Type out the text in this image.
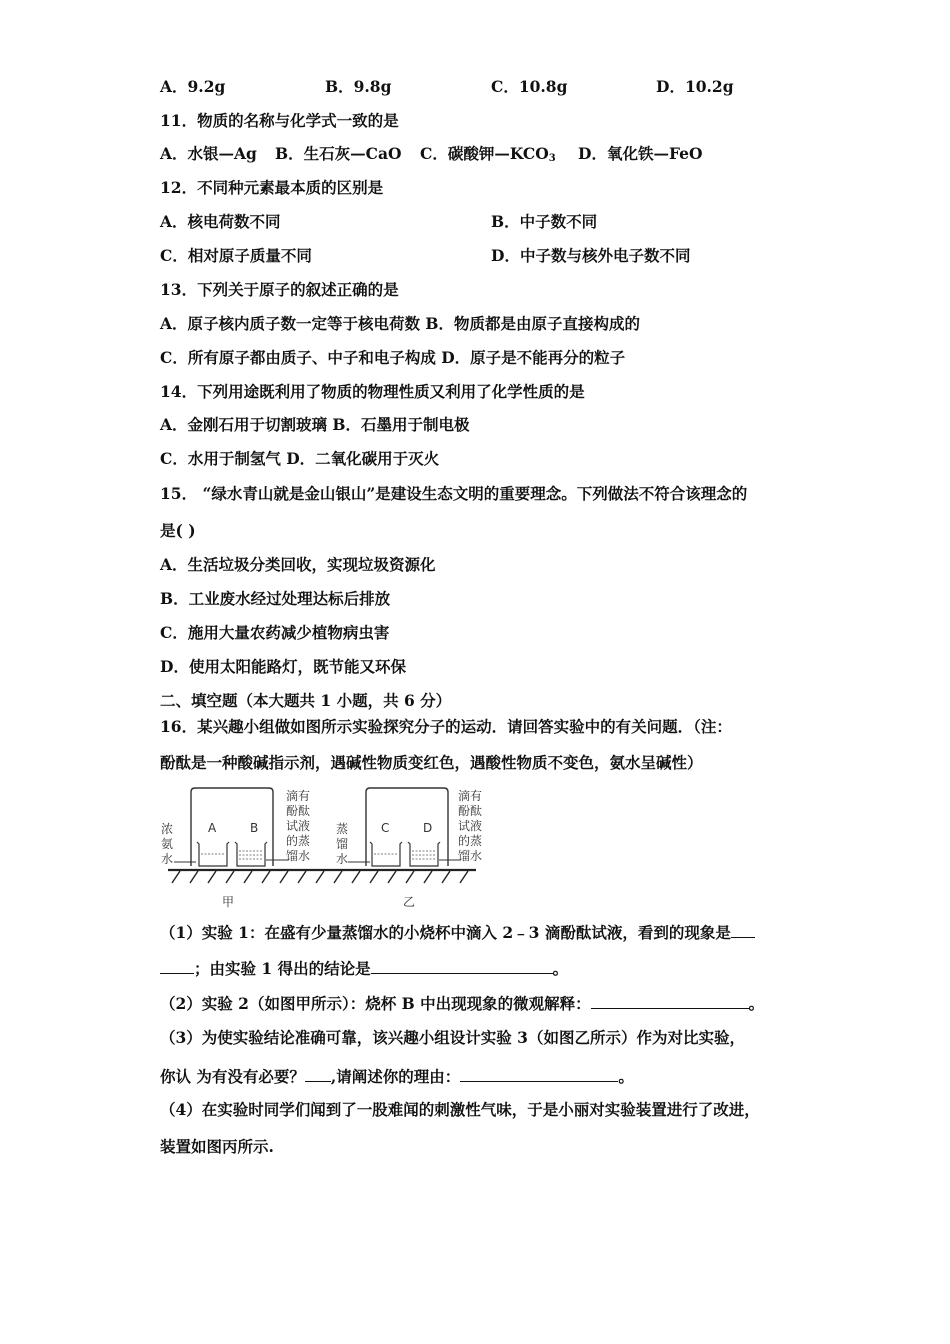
A．9.2g	B．9.8g	C．10.8g	D．10.2g
11．物质的名称与化学式一致的是
A．水银—Ag B．生石灰—CaO C．碳酸钾$—KCO_3$ D．氧化铁—FeO
12．不同种元素最本质的区别是
A．核电荷数不同	B．中子数不同
C．相对原子质量不同	D．中子数与核外电子数不同
13．下列关于原子的叙述正确的是
A．原子核内质子数一定等于核电荷数 B．物质都是由原子直接构成的
C．所有原子都由质子、中子和电子构成 D．原子是不能再分的粒子
14．下列用途既利用了物质的物理性质又利用了化学性质的是
A．金刚石用于切割玻璃 B．石墨用于制电极
C．水用于制氢气 D．二氧化碳用于灭火
15． “绿水青山就是金山银山”是建设生态文明的重要理念。下列做法不符合该理念的
是( )
A．生活垃圾分类回收，实现垃圾资源化
B．工业废水经过处理达标后排放
C．施用大量农药减少植物病虫害
D．使用太阳能路灯，既节能又环保
二、填空题（本大题共 1 小题，共 6 分）
16．某兴趣小组做如图所示实验探究分子的运动．请回答实验中的有关问题．（注：
酚酞是一种酸碱指示剂，遇碱性物质变红色，遇酸性物质不变色，氨水呈碱性）
浓
氨
水
A	B
滴有
酚酞
试液
的蒸
馏水
甲
蒸
馏
水
C	D
滴有
酚酞
试液
的蒸
馏水
乙
（1）实验 1：在盛有少量蒸馏水的小烧杯中滴入 2﹣3 滴酚酞试液，看到的现象是
；由实验 1 得出的结论是	。
（2）实验 2（如图甲所示）：烧杯 B 中出现现象的微观解释：	。
（3）为使实验结论准确可靠，该兴趣小组设计实验 3（如图乙所示）作为对比实验，
你认 为有没有必要？ ,请阐述你的理由：	。
（4）在实验时同学们闻到了一股难闻的刺激性气味，于是小丽对实验装置进行了改进，
装置如图丙所示.
